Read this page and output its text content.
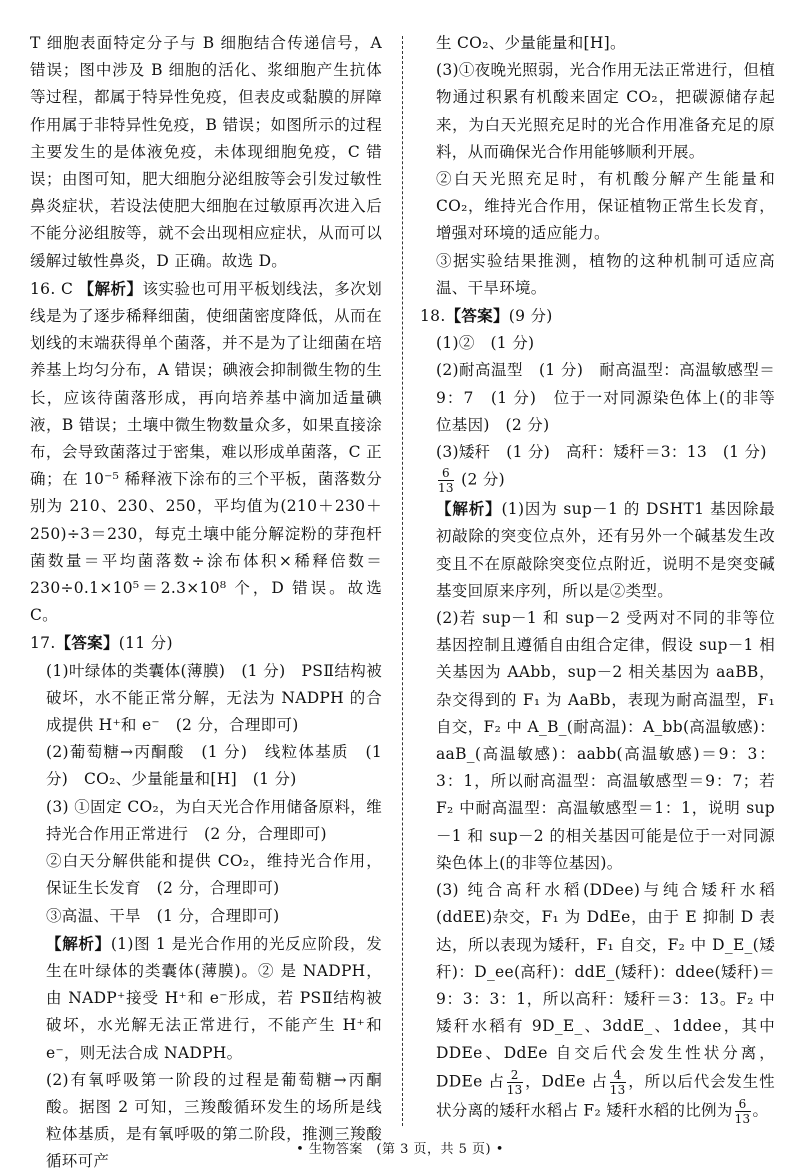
T 细胞表面特定分子与 B 细胞结合传递信号，A 错误；图中涉及 B 细胞的活化、浆细胞产生抗体等过程，都属于特异性免疫，但表皮或黏膜的屏障作用属于非特异性免疫，B 错误；如图所示的过程主要发生的是体液免疫，未体现细胞免疫，C 错误；由图可知，肥大细胞分泌组胺等会引发过敏性鼻炎症状，若设法使肥大细胞在过敏原再次进入后不能分泌组胺等，就不会出现相应症状，从而可以缓解过敏性鼻炎，D 正确。故选 D。

16. C 【解析】该实验也可用平板划线法，多次划线是为了逐步稀释细菌，使细菌密度降低，从而在划线的末端获得单个菌落，并不是为了让细菌在培养基上均匀分布，A 错误；碘液会抑制微生物的生长，应该待菌落形成，再向培养基中滴加适量碘液，B 错误；土壤中微生物数量众多，如果直接涂布，会导致菌落过于密集，难以形成单菌落，C 正确；在 10⁻⁵ 稀释液下涂布的三个平板，菌落数分别为 210、230、250，平均值为(210＋230＋250)÷3＝230，每克土壤中能分解淀粉的芽孢杆菌数量＝平均菌落数÷涂布体积×稀释倍数＝230÷0.1×10⁵＝2.3×10⁸ 个，D 错误。故选 C。

17.【答案】(11 分)

(1)叶绿体的类囊体(薄膜)　(1 分)　PSⅡ结构被破坏，水不能正常分解，无法为 NADPH 的合成提供 H⁺和 e⁻　(2 分，合理即可)

(2)葡萄糖→丙酮酸　(1 分)　线粒体基质　(1 分)　CO₂、少量能量和[H]　(1 分)

(3) ①固定 CO₂，为白天光合作用储备原料，维持光合作用正常进行　(2 分，合理即可)

②白天分解供能和提供 CO₂，维持光合作用，保证生长发育　(2 分，合理即可)

③高温、干旱　(1 分，合理即可)

【解析】(1)图 1 是光合作用的光反应阶段，发生在叶绿体的类囊体(薄膜)。② 是 NADPH，由 NADP⁺接受 H⁺和 e⁻形成，若 PSⅡ结构被破坏，水光解无法正常进行，不能产生 H⁺和 e⁻，则无法合成 NADPH。

(2)有氧呼吸第一阶段的过程是葡萄糖→丙酮酸。据图 2 可知，三羧酸循环发生的场所是线粒体基质，是有氧呼吸的第二阶段，推测三羧酸循环可产

生 CO₂、少量能量和[H]。

(3)①夜晚光照弱，光合作用无法正常进行，但植物通过积累有机酸来固定 CO₂，把碳源储存起来，为白天光照充足时的光合作用准备充足的原料，从而确保光合作用能够顺利开展。

②白天光照充足时，有机酸分解产生能量和 CO₂，维持光合作用，保证植物正常生长发育，增强对环境的适应能力。

③据实验结果推测，植物的这种机制可适应高温、干旱环境。

18.【答案】(9 分)

(1)②　(1 分)

(2)耐高温型　(1 分)　耐高温型：高温敏感型＝9：7　(1 分)　位于一对同源染色体上(的非等位基因)　(2 分)

(3)矮秆　(1 分)　高秆：矮秆＝3：13　(1 分)

$\frac{6}{13} (2$ 分)

【解析】(1)因为 sup－1 的 DSHT1 基因除最初敲除的突变位点外，还有另外一个碱基发生改变且不在原敲除突变位点附近，说明不是突变碱基变回原来序列，所以是②类型。

(2)若 sup－1 和 sup－2 受两对不同的非等位基因控制且遵循自由组合定律，假设 sup－1 相关基因为 AAbb，sup－2 相关基因为 aaBB，杂交得到的 F₁ 为 AaBb，表现为耐高温型，F₁ 自交，F₂ 中 A_B_(耐高温)：A_bb(高温敏感)：aaB_(高温敏感)：aabb(高温敏感)＝9：3：3：1，所以耐高温型：高温敏感型＝9：7；若 F₂ 中耐高温型：高温敏感型＝1：1，说明 sup－1 和 sup－2 的相关基因可能是位于一对同源染色体上(的非等位基因)。

(3) 纯合高秆水稻(DDee)与纯合矮秆水稻(ddEE)杂交，F₁ 为 DdEe，由于 E 抑制 D 表达，所以表现为矮秆，F₁ 自交，F₂ 中 D_E_(矮秆)：D_ee(高秆)：ddE_(矮秆)：ddee(矮秆)＝9：3：3：1，所以高秆：矮秆＝3：13。F₂ 中矮秆水稻有 9D_E_、3ddE_、1ddee，其中 DDEe、DdEe 自交后代会发生性状分离，DDEe 占 $\frac{2}{13}$ ，DdEe 占 $\frac{4}{13}$ ，所以后代会发生性状分离的矮秆水稻占 F₂ 矮秆水稻的比例为 $\frac{6}{13}$ 。

• 生物答案　(第 3 页，共 5 页) •
